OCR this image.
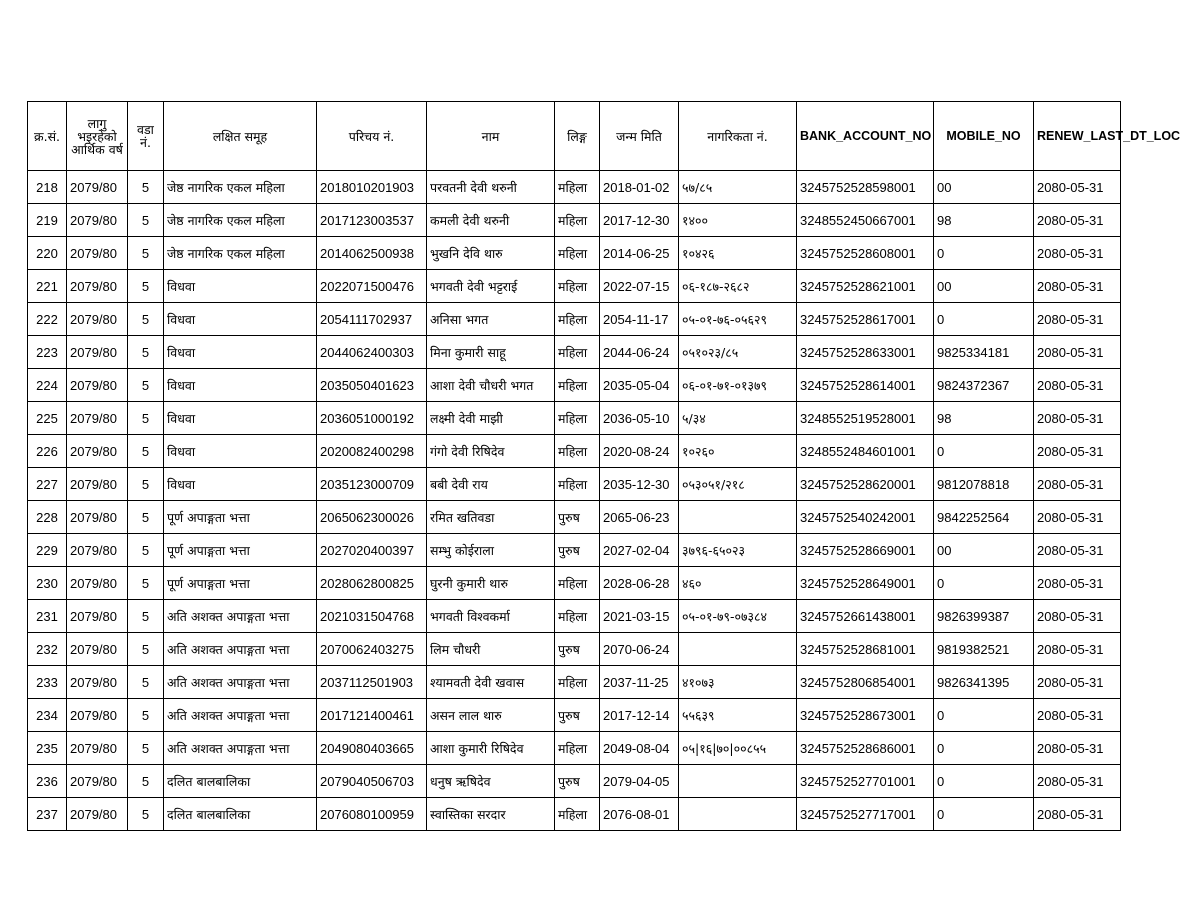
क्र.सं.	लागु भइरहेको आर्थिक वर्ष	वडा नं.	लक्षित समूह	परिचय नं.	नाम	लिङ्ग	जन्म मिति	नागरिकता नं.	BANK_ACCOUNT_NO	MOBILE_NO	RENEW_LAST_DT_LOC
218	2079/80	5	जेष्ठ नागरिक एकल महिला	2018010201903	परवतनी देवी थरुनी	महिला	2018-01-02	५७/८५	3245752528598001	00	2080-05-31
219	2079/80	5	जेष्ठ नागरिक एकल महिला	2017123003537	कमली देवी थरुनी	महिला	2017-12-30	१४००	3248552450667001	98	2080-05-31
220	2079/80	5	जेष्ठ नागरिक एकल महिला	2014062500938	भुखनि देवि थारु	महिला	2014-06-25	१०४२६	3245752528608001	0	2080-05-31
221	2079/80	5	विधवा	2022071500476	भगवती देवी भट्टराई	महिला	2022-07-15	०६-१८७-२६८२	3245752528621001	00	2080-05-31
222	2079/80	5	विधवा	2054111702937	अनिसा भगत	महिला	2054-11-17	०५-०१-७६-०५६२९	3245752528617001	0	2080-05-31
223	2079/80	5	विधवा	2044062400303	मिना कुमारी साहू	महिला	2044-06-24	०५१०२३/८५	3245752528633001	9825334181	2080-05-31
224	2079/80	5	विधवा	2035050401623	आशा देवी चौधरी भगत	महिला	2035-05-04	०६-०१-७१-०१३७९	3245752528614001	9824372367	2080-05-31
225	2079/80	5	विधवा	2036051000192	लक्ष्मी देवी माझी	महिला	2036-05-10	५/३४	3248552519528001	98	2080-05-31
226	2079/80	5	विधवा	2020082400298	गंगो देवी रिषिदेव	महिला	2020-08-24	१०२६०	3248552484601001	0	2080-05-31
227	2079/80	5	विधवा	2035123000709	बबी देवी राय	महिला	2035-12-30	०५३०५१/२१८	3245752528620001	9812078818	2080-05-31
228	2079/80	5	पूर्ण अपाङ्गता भत्ता	2065062300026	रमित खतिवडा	पुरुष	2065-06-23		3245752540242001	9842252564	2080-05-31
229	2079/80	5	पूर्ण अपाङ्गता भत्ता	2027020400397	सम्भु कोईराला	पुरुष	2027-02-04	३७९६-६५०२३	3245752528669001	00	2080-05-31
230	2079/80	5	पूर्ण अपाङ्गता भत्ता	2028062800825	घुरनी कुमारी थारु	महिला	2028-06-28	४६०	3245752528649001	0	2080-05-31
231	2079/80	5	अति अशक्त अपाङ्गता भत्ता	2021031504768	भगवती विश्वकर्मा	महिला	2021-03-15	०५-०१-७९-०७३८४	3245752661438001	9826399387	2080-05-31
232	2079/80	5	अति अशक्त अपाङ्गता भत्ता	2070062403275	लिम चौधरी	पुरुष	2070-06-24		3245752528681001	9819382521	2080-05-31
233	2079/80	5	अति अशक्त अपाङ्गता भत्ता	2037112501903	श्यामवती देवी खवास	महिला	2037-11-25	४१०७३	3245752806854001	9826341395	2080-05-31
234	2079/80	5	अति अशक्त अपाङ्गता भत्ता	2017121400461	असन लाल थारु	पुरुष	2017-12-14	५५६३९	3245752528673001	0	2080-05-31
235	2079/80	5	अति अशक्त अपाङ्गता भत्ता	2049080403665	आशा कुमारी रिषिदेव	महिला	2049-08-04	०५|१६|७०|००८५५	3245752528686001	0	2080-05-31
236	2079/80	5	दलित बालबालिका	2079040506703	धनुष ऋषिदेव	पुरुष	2079-04-05		3245752527701001	0	2080-05-31
237	2079/80	5	दलित बालबालिका	2076080100959	स्वास्तिका सरदार	महिला	2076-08-01		3245752527717001	0	2080-05-31
